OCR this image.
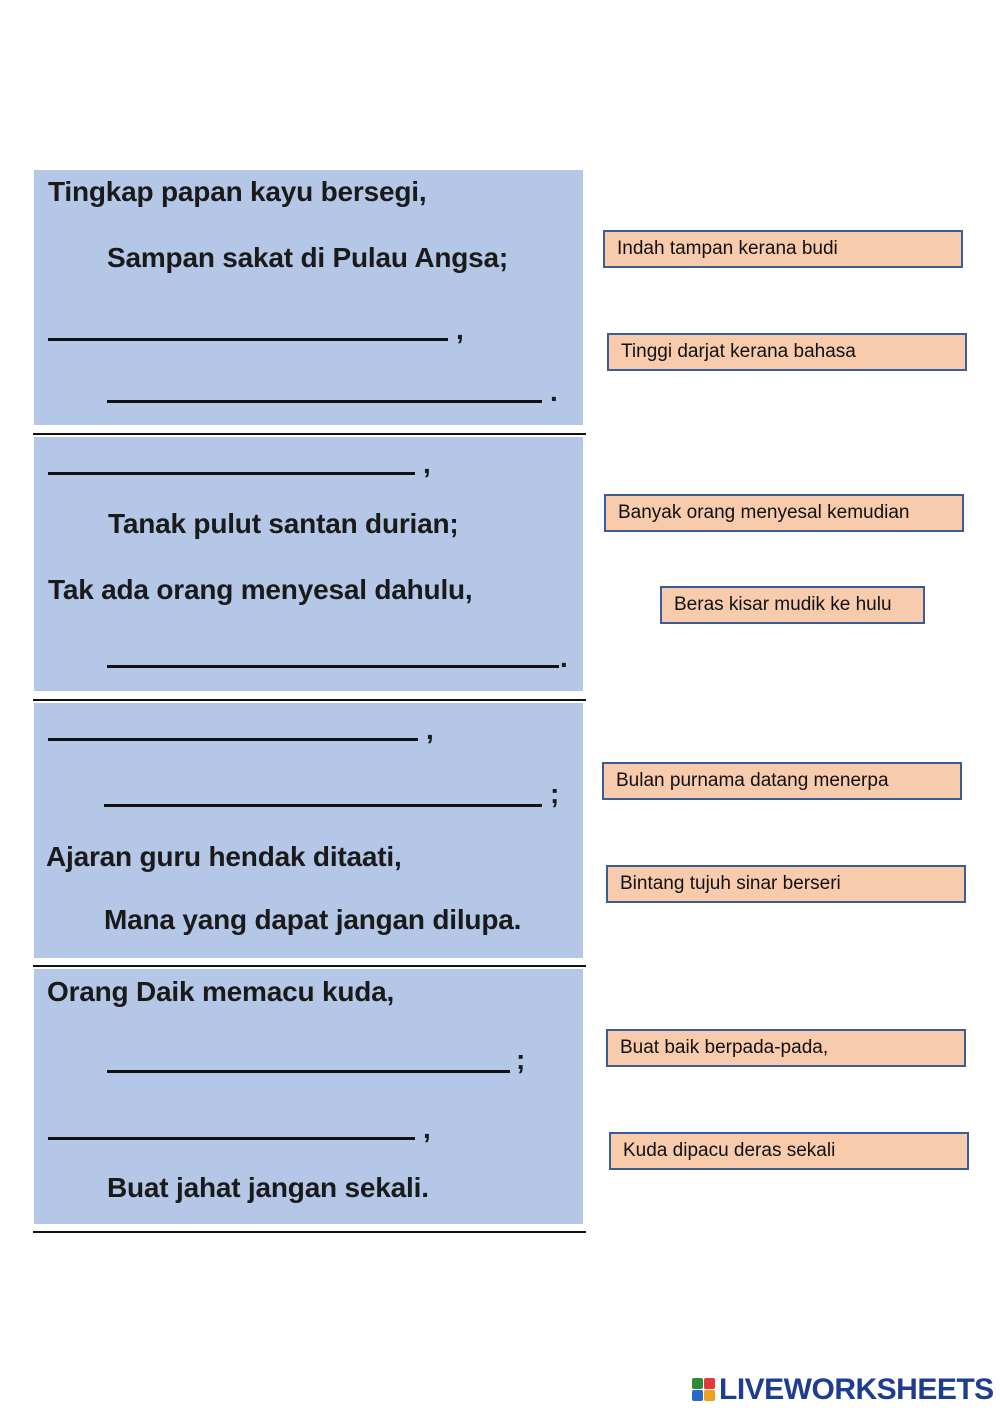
Tingkap papan kayu bersegi,
Sampan sakat di Pulau Angsa;
,
.
,
Tanak pulut santan durian;
Tak ada orang menyesal dahulu,
.
,
;
Ajaran guru hendak ditaati,
Mana yang dapat jangan dilupa.
Orang Daik memacu kuda,
;
,
Buat jahat jangan sekali.
Indah tampan kerana budi
Tinggi darjat kerana bahasa
Banyak orang menyesal kemudian
Beras kisar mudik ke hulu
Bulan purnama datang menerpa
Bintang tujuh sinar berseri
Buat baik berpada-pada,
Kuda dipacu deras sekali
LIVEWORKSHEETS
